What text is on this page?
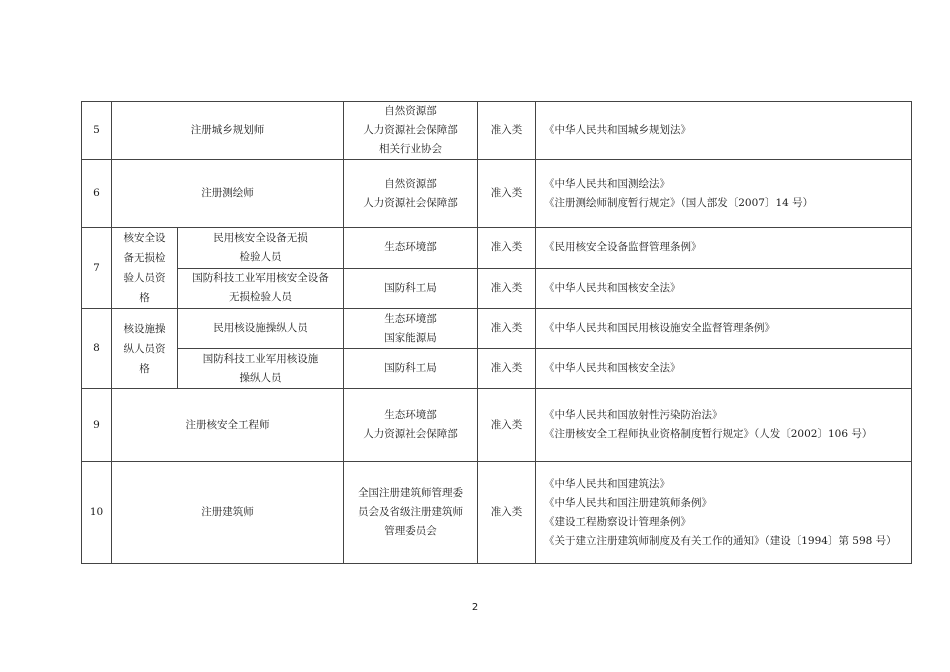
5	注册城乡规划师		自然资源部
人力资源社会保障部
相关行业协会	准入类	《中华人民共和国城乡规划法》

6	注册测绘师		自然资源部
人力资源社会保障部	准入类	《中华人民共和国测绘法》
《注册测绘师制度暂行规定》（国人部发〔2007〕14 号）

7	核安全设
备无损检
验人员资
格	民用核安全设备无损
检验人员	生态环境部	准入类	《民用核安全设备监督管理条例》

		国防科技工业军用核安全设备
无损检验人员	国防科工局	准入类	《中华人民共和国核安全法》

8	核设施操
纵人员资
格	民用核设施操纵人员	生态环境部
国家能源局	准入类	《中华人民共和国民用核设施安全监督管理条例》

		国防科技工业军用核设施
操纵人员	国防科工局	准入类	《中华人民共和国核安全法》

9	注册核安全工程师		生态环境部
人力资源社会保障部	准入类	《中华人民共和国放射性污染防治法》
《注册核安全工程师执业资格制度暂行规定》（人发〔2002〕106 号）

10	注册建筑师		全国注册建筑师管理委
员会及省级注册建筑师
管理委员会	准入类	《中华人民共和国建筑法》
《中华人民共和国注册建筑师条例》
《建设工程勘察设计管理条例》
《关于建立注册建筑师制度及有关工作的通知》（建设〔1994〕第 598 号）
2
